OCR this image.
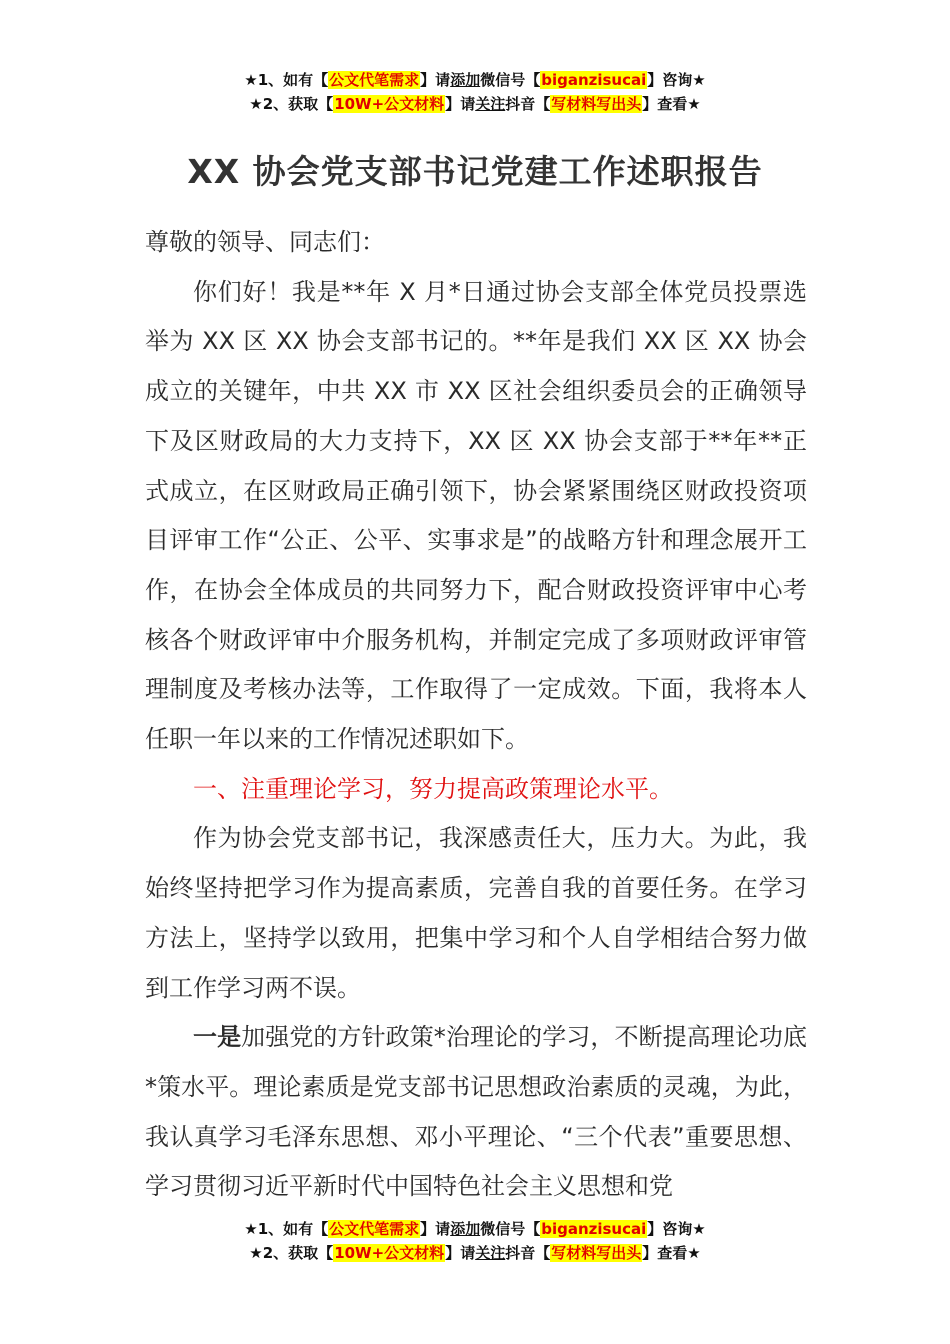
★1、如有【公文代笔需求】请添加微信号【biganzisucai】咨询★
★2、获取【10W+公文材料】请关注抖音【写材料写出头】查看★
XX 协会党支部书记党建工作述职报告

尊敬的领导、同志们：

你们好！我是**年 X 月*日通过协会支部全体党员投票选举为 XX 区 XX 协会支部书记的。**年是我们 XX 区 XX 协会成立的关键年，中共 XX 市 XX 区社会组织委员会的正确领导下及区财政局的大力支持下，XX 区 XX 协会支部于**年**正式成立，在区财政局正确引领下，协会紧紧围绕区财政投资项目评审工作“公正、公平、实事求是”的战略方针和理念展开工作，在协会全体成员的共同努力下，配合财政投资评审中心考核各个财政评审中介服务机构，并制定完成了多项财政评审管理制度及考核办法等，工作取得了一定成效。下面，我将本人任职一年以来的工作情况述职如下。

一、注重理论学习，努力提高政策理论水平。

作为协会党支部书记，我深感责任大，压力大。为此，我始终坚持把学习作为提高素质，完善自我的首要任务。在学习方法上，坚持学以致用，把集中学习和个人自学相结合努力做到工作学习两不误。

一是加强党的方针政策*治理论的学习，不断提高理论功底*策水平。理论素质是党支部书记思想政治素质的灵魂，为此，我认真学习毛泽东思想、邓小平理论、“三个代表”重要思想、学习贯彻习近平新时代中国特色社会主义思想和党

★1、如有【公文代笔需求】请添加微信号【biganzisucai】咨询★
★2、获取【10W+公文材料】请关注抖音【写材料写出头】查看★
